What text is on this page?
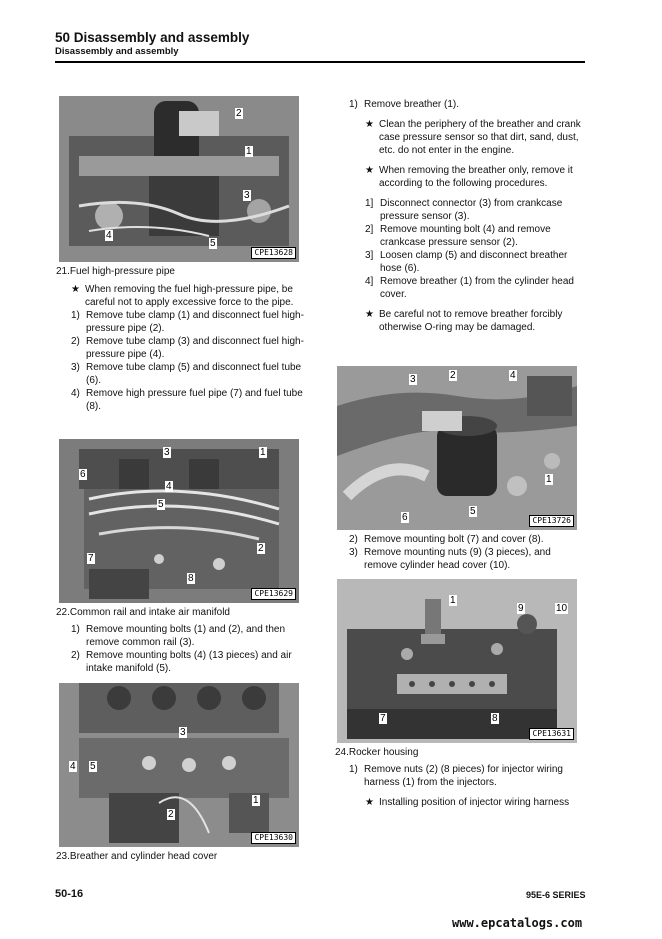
50 Disassembly and assembly
Disassembly and assembly
2
1
3
4
5
CPE13628
21.Fuel high-pressure pipe
★ When removing the fuel high-pressure pipe, be careful not to apply excessive force to the pipe.
1) Remove tube clamp (1) and disconnect fuel high-pressure pipe (2).
2) Remove tube clamp (3) and disconnect fuel high-pressure pipe (4).
3) Remove tube clamp (5) and disconnect fuel tube (6).
4) Remove high pressure fuel pipe (7) and fuel tube (8).
3	1
6
4
5
2
7
8
CPE13629
22.Common rail and intake air manifold
1) Remove mounting bolts (1) and (2), and then remove common rail (3).
2) Remove mounting bolts (4) (13 pieces) and air intake manifold (5).
3
4 5
1
2
CPE13630
23.Breather and cylinder head cover
1) Remove breather (1).
★ Clean the periphery of the breather and crank case pressure sensor so that dirt, sand, dust, etc. do not enter in the engine.
★ When removing the breather only, remove it according to the following procedures.
1] Disconnect connector (3) from crankcase pressure sensor (3).
2] Remove mounting bolt (4) and remove crankcase pressure sensor (2).
3] Loosen clamp (5) and disconnect breather hose (6).
4] Remove breather (1) from the cylinder head cover.
★ Be careful not to remove breather forcibly otherwise O-ring may be damaged.
3	2	4
1
6
5
CPE13726
2) Remove mounting bolt (7) and cover (8).
3) Remove mounting nuts (9) (3 pieces), and remove cylinder head cover (10).
1
9	10
7	8
CPE13631
24.Rocker housing
1) Remove nuts (2) (8 pieces) for injector wiring harness (1) from the injectors.
★ Installing position of injector wiring harness
50-16	95E-6 SERIES
www.epcatalogs.com
